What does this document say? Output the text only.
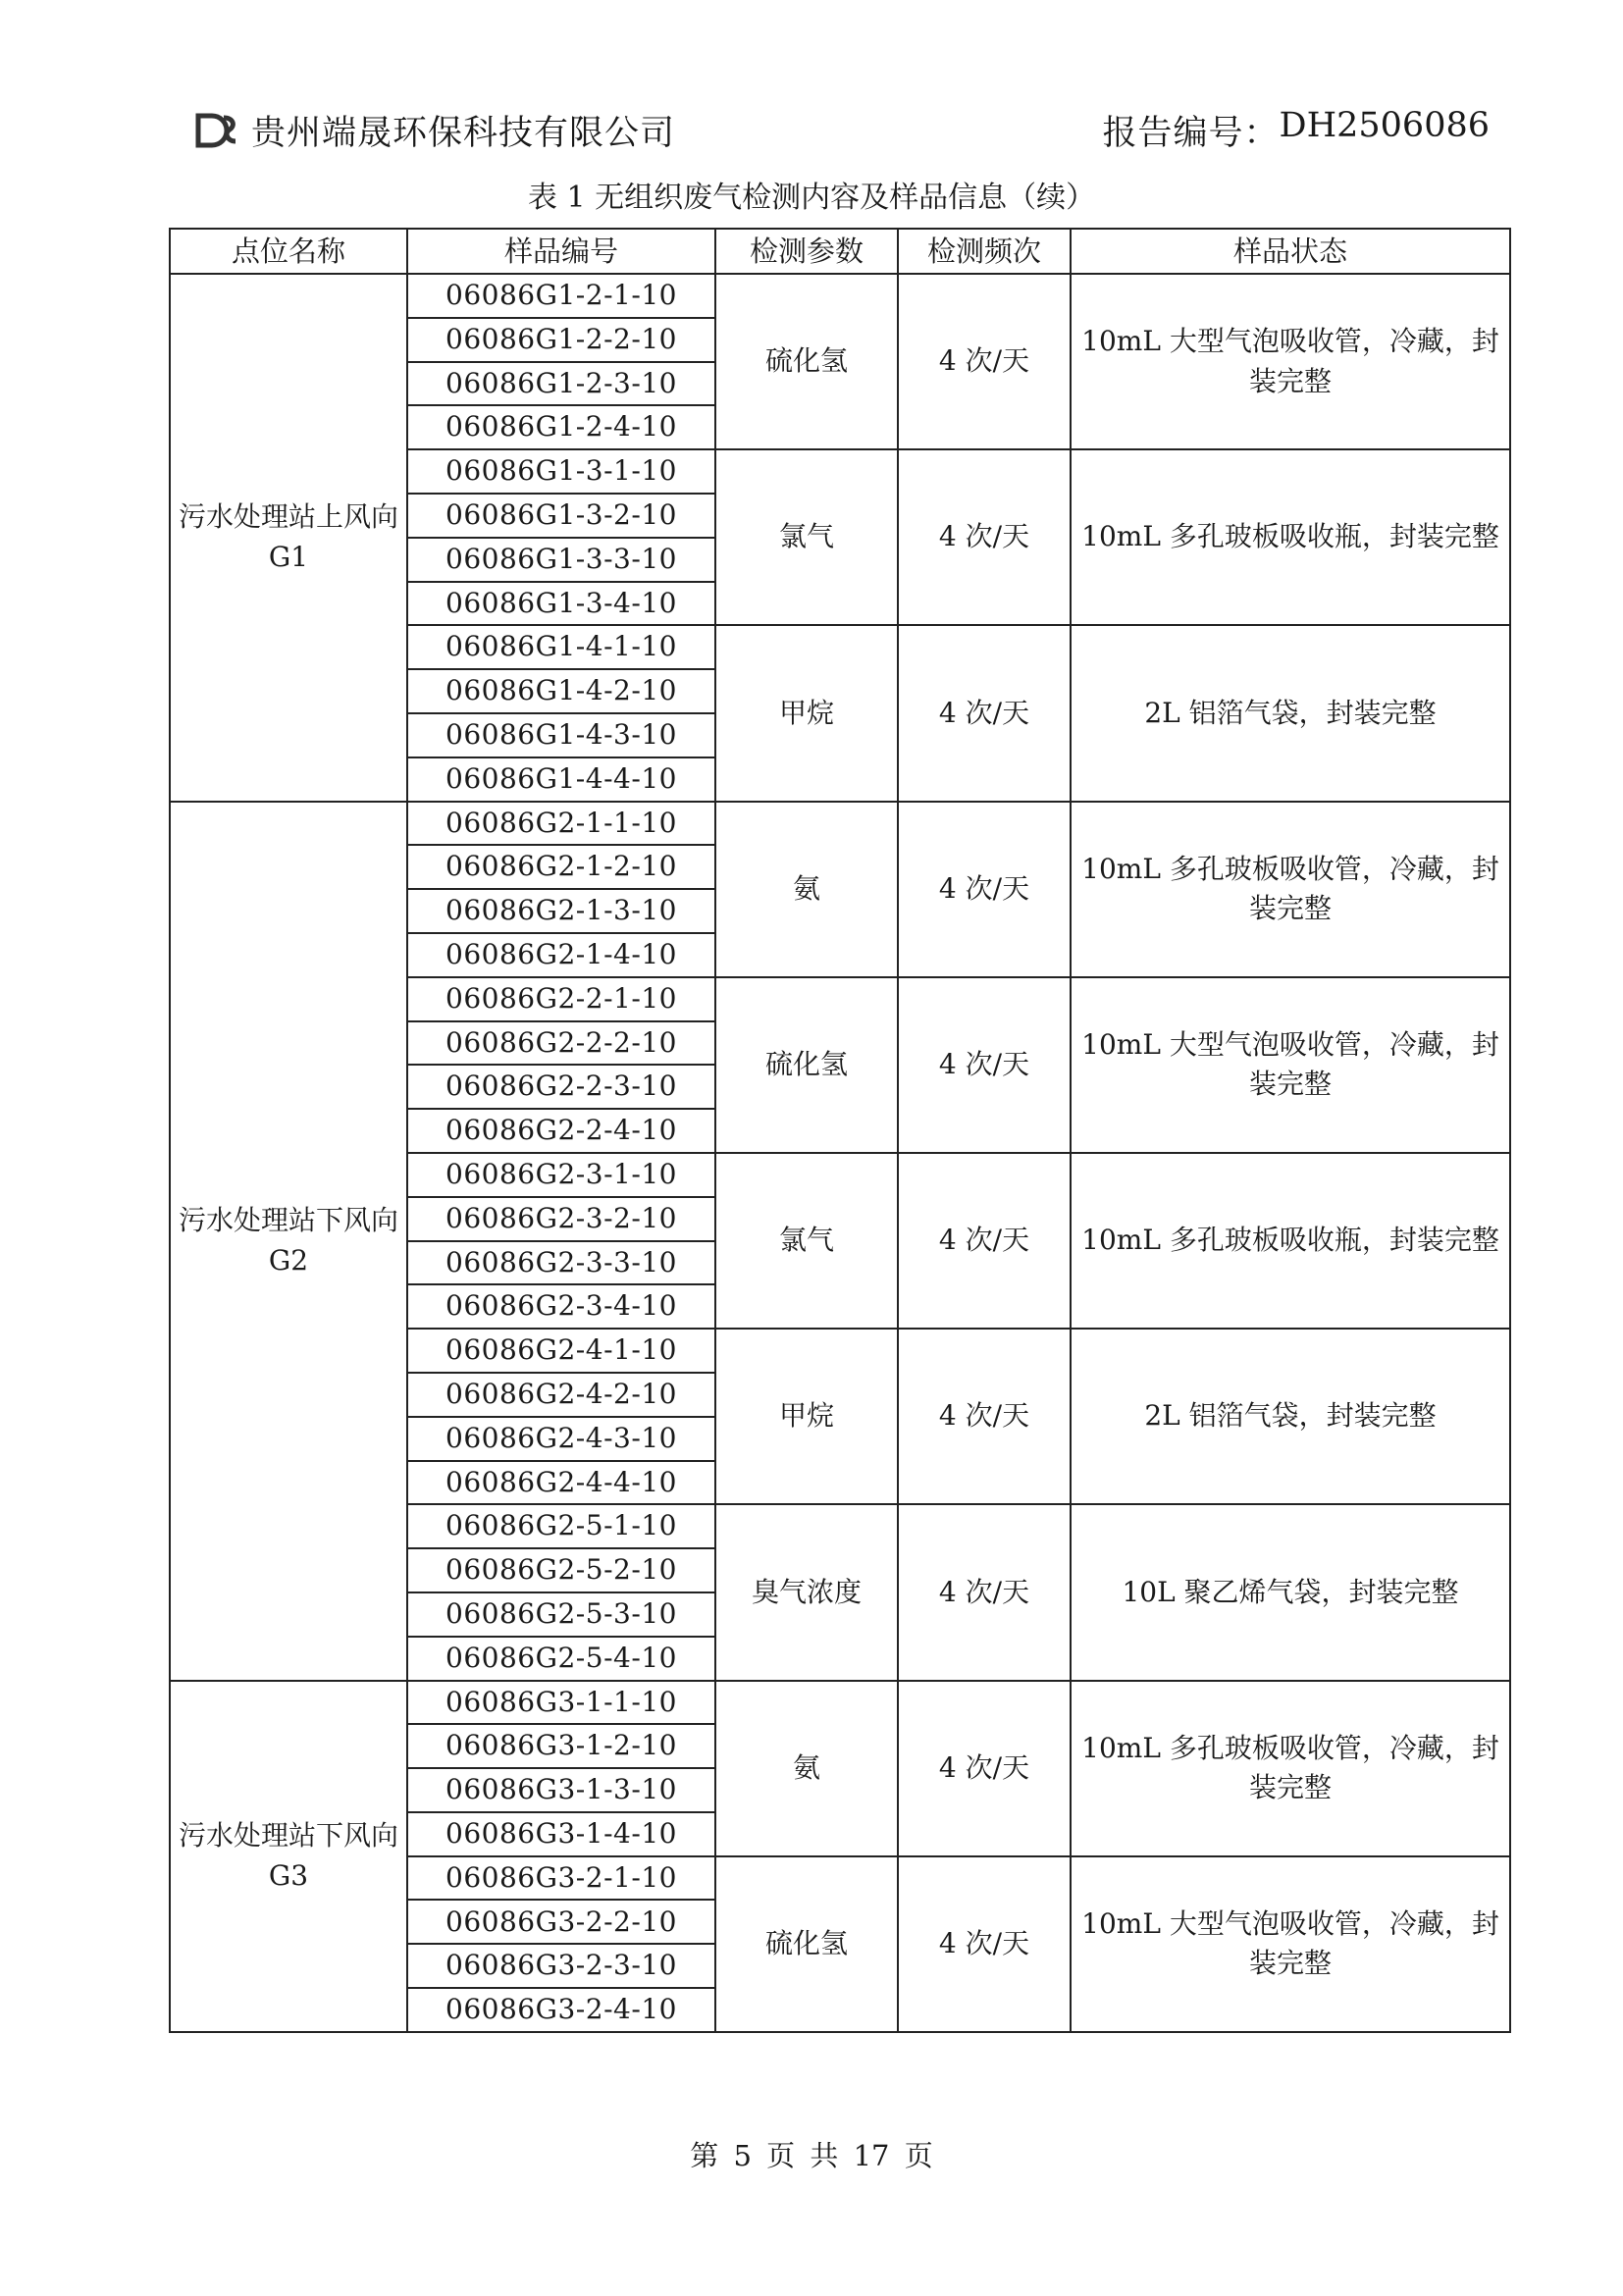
贵州端晟环保科技有限公司	报告编号： DH2506086
表 1 无组织废气检测内容及样品信息（续）
点位名称	样品编号	检测参数	检测频次	样品状态
污水处理站上风向 G1	06086G1-2-1-10	硫化氢	4 次/天	10mL 大型气泡吸收管，冷藏，封装完整
	06086G1-2-2-10			
	06086G1-2-3-10			
	06086G1-2-4-10			
	06086G1-3-1-10	氯气	4 次/天	10mL 多孔玻板吸收瓶，封装完整
	06086G1-3-2-10			
	06086G1-3-3-10			
	06086G1-3-4-10			
	06086G1-4-1-10	甲烷	4 次/天	2L 铝箔气袋，封装完整
	06086G1-4-2-10			
	06086G1-4-3-10			
	06086G1-4-4-10			
污水处理站下风向 G2	06086G2-1-1-10	氨	4 次/天	10mL 多孔玻板吸收管，冷藏，封装完整
	06086G2-1-2-10			
	06086G2-1-3-10			
	06086G2-1-4-10			
	06086G2-2-1-10	硫化氢	4 次/天	10mL 大型气泡吸收管，冷藏，封装完整
	06086G2-2-2-10			
	06086G2-2-3-10			
	06086G2-2-4-10			
	06086G2-3-1-10	氯气	4 次/天	10mL 多孔玻板吸收瓶，封装完整
	06086G2-3-2-10			
	06086G2-3-3-10			
	06086G2-3-4-10			
	06086G2-4-1-10	甲烷	4 次/天	2L 铝箔气袋，封装完整
	06086G2-4-2-10			
	06086G2-4-3-10			
	06086G2-4-4-10			
	06086G2-5-1-10	臭气浓度	4 次/天	10L 聚乙烯气袋，封装完整
	06086G2-5-2-10			
	06086G2-5-3-10			
	06086G2-5-4-10			
污水处理站下风向 G3	06086G3-1-1-10	氨	4 次/天	10mL 多孔玻板吸收管，冷藏，封装完整
	06086G3-1-2-10			
	06086G3-1-3-10			
	06086G3-1-4-10			
	06086G3-2-1-10	硫化氢	4 次/天	10mL 大型气泡吸收管，冷藏，封装完整
	06086G3-2-2-10			
	06086G3-2-3-10			
	06086G3-2-4-10			
第 5 页 共 17 页
